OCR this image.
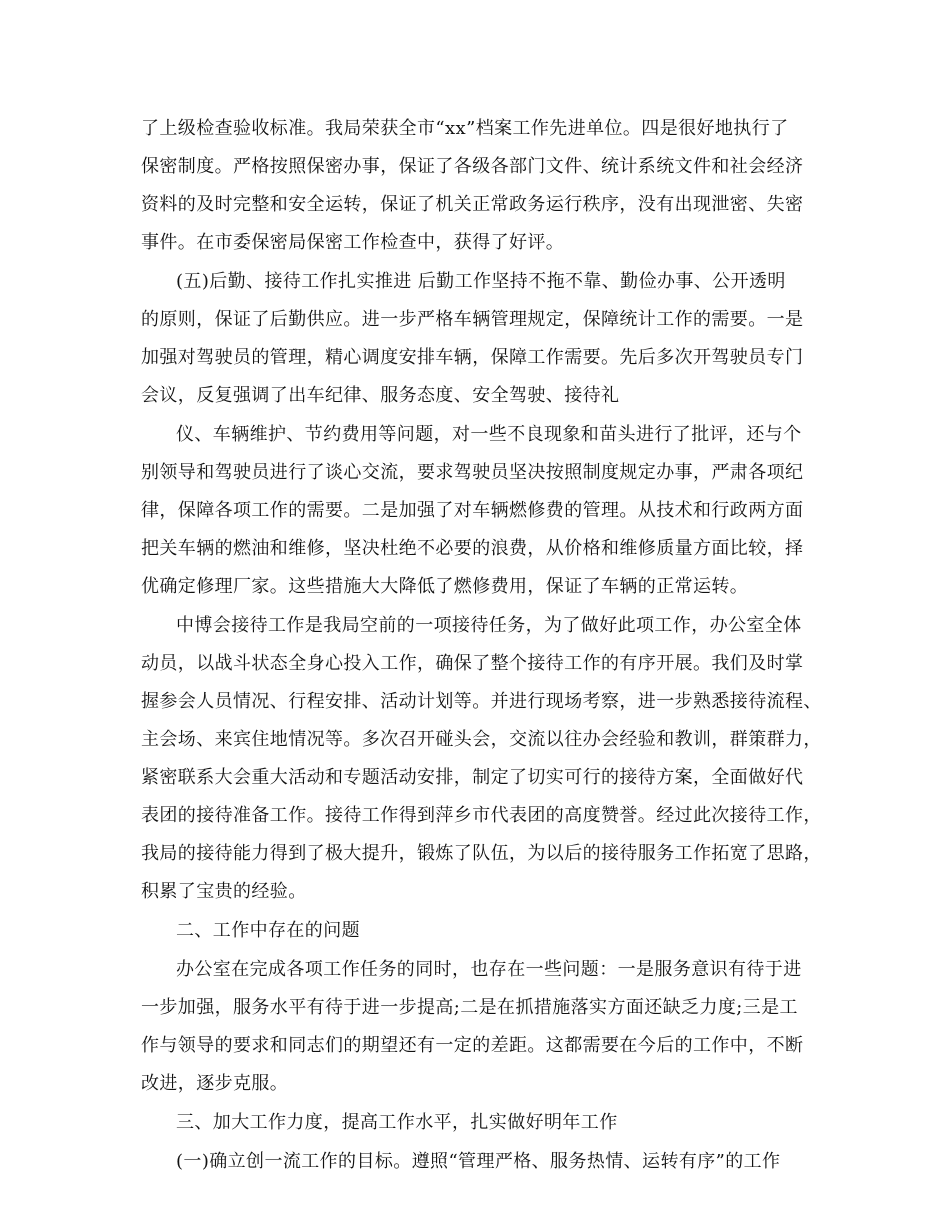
了上级检查验收标准。我局荣获全市“xx”档案工作先进单位。四是很好地执行了
保密制度。严格按照保密办事，保证了各级各部门文件、统计系统文件和社会经济
资料的及时完整和安全运转，保证了机关正常政务运行秩序，没有出现泄密、失密
事件。在市委保密局保密工作检查中，获得了好评。
(五)后勤、接待工作扎实推进 后勤工作坚持不拖不靠、勤俭办事、公开透明
的原则，保证了后勤供应。进一步严格车辆管理规定，保障统计工作的需要。一是
加强对驾驶员的管理，精心调度安排车辆，保障工作需要。先后多次开驾驶员专门
会议，反复强调了出车纪律、服务态度、安全驾驶、接待礼
仪、车辆维护、节约费用等问题，对一些不良现象和苗头进行了批评，还与个
别领导和驾驶员进行了谈心交流，要求驾驶员坚决按照制度规定办事，严肃各项纪
律，保障各项工作的需要。二是加强了对车辆燃修费的管理。从技术和行政两方面
把关车辆的燃油和维修，坚决杜绝不必要的浪费，从价格和维修质量方面比较，择
优确定修理厂家。这些措施大大降低了燃修费用，保证了车辆的正常运转。
中博会接待工作是我局空前的一项接待任务，为了做好此项工作，办公室全体
动员，以战斗状态全身心投入工作，确保了整个接待工作的有序开展。我们及时掌
握参会人员情况、行程安排、活动计划等。并进行现场考察，进一步熟悉接待流程、
主会场、来宾住地情况等。多次召开碰头会，交流以往办会经验和教训，群策群力，
紧密联系大会重大活动和专题活动安排，制定了切实可行的接待方案，全面做好代
表团的接待准备工作。接待工作得到萍乡市代表团的高度赞誉。经过此次接待工作，
我局的接待能力得到了极大提升，锻炼了队伍，为以后的接待服务工作拓宽了思路，
积累了宝贵的经验。
二、工作中存在的问题
办公室在完成各项工作任务的同时，也存在一些问题：一是服务意识有待于进
一步加强，服务水平有待于进一步提高;二是在抓措施落实方面还缺乏力度;三是工
作与领导的要求和同志们的期望还有一定的差距。这都需要在今后的工作中，不断
改进，逐步克服。
三、加大工作力度，提高工作水平，扎实做好明年工作
(一)确立创一流工作的目标。遵照“管理严格、服务热情、运转有序”的工作
